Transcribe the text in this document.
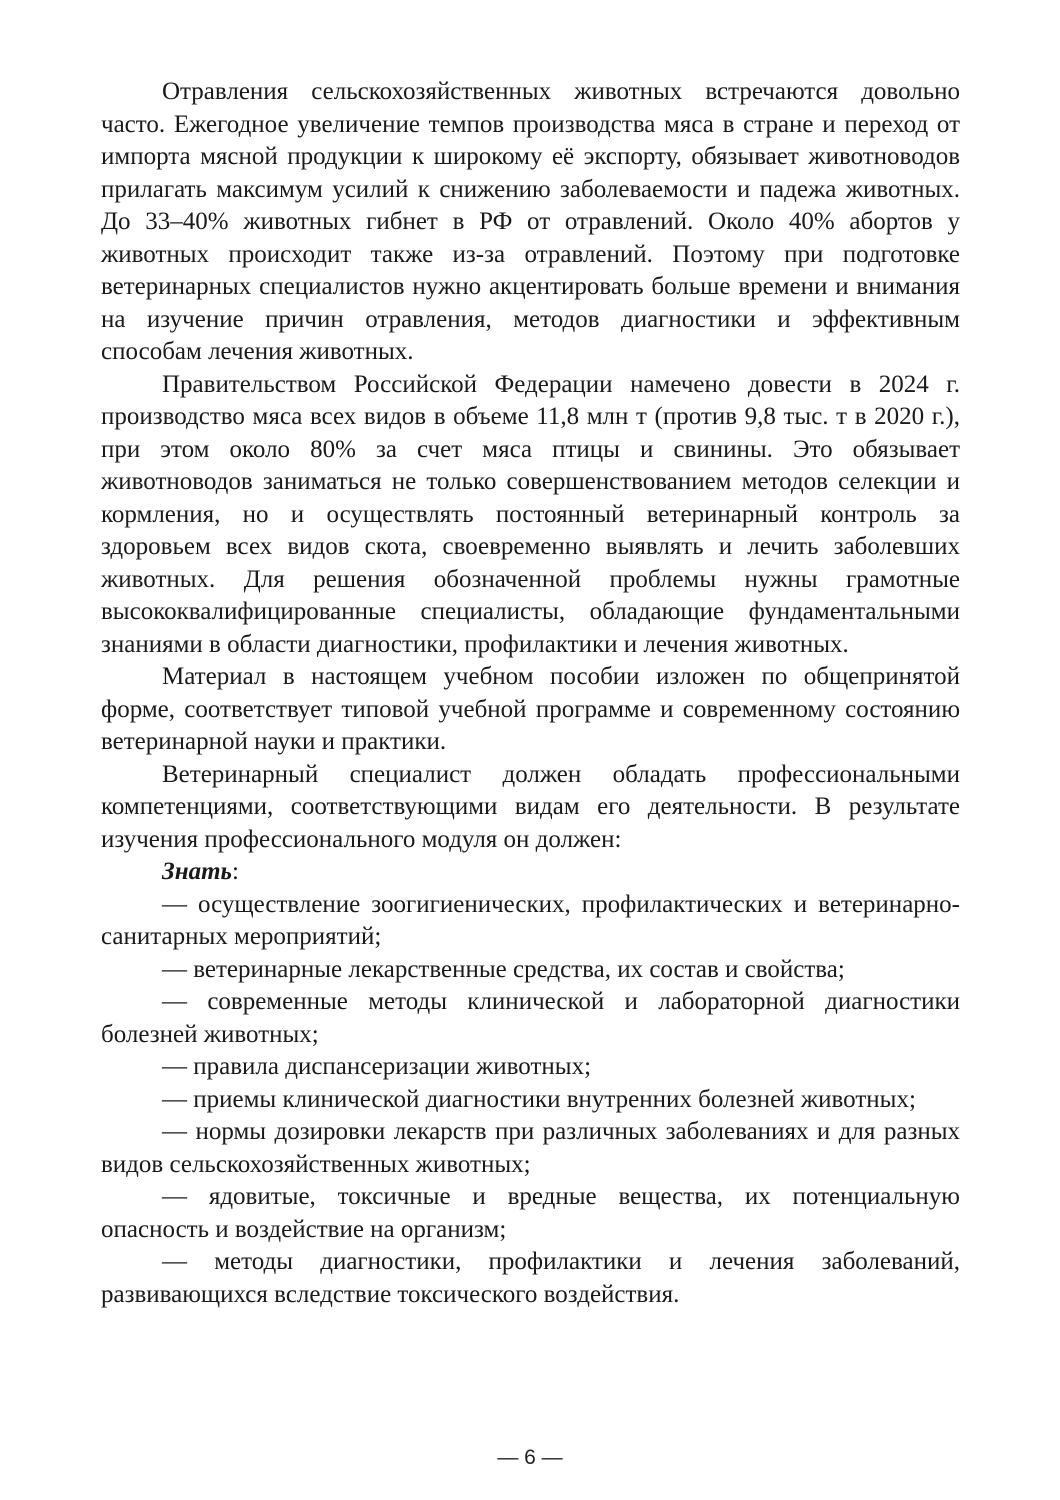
Отравления сельскохозяйственных животных встречаются довольно часто. Ежегодное увеличение темпов производства мяса в стране и переход от импорта мясной продукции к широкому её экспорту, обязывает животноводов прилагать максимум усилий к снижению заболеваемости и падежа животных. До 33–40% животных гибнет в РФ от отравлений. Около 40% абортов у животных происходит также из-за отравлений. Поэтому при подготовке ветеринарных специалистов нужно акцентировать больше времени и внимания на изучение причин отравления, методов диагностики и эффективным способам лечения животных.

Правительством Российской Федерации намечено довести в 2024 г. производство мяса всех видов в объеме 11,8 млн т (против 9,8 тыс. т в 2020 г.), при этом около 80% за счет мяса птицы и свинины. Это обязывает животноводов заниматься не только совершенствованием методов селекции и кормления, но и осуществлять постоянный ветеринарный контроль за здоровьем всех видов скота, своевременно выявлять и лечить заболевших животных. Для решения обозначенной проблемы нужны грамотные высококвалифицированные специалисты, обладающие фундаментальными знаниями в области диагностики, профилактики и лечения животных.

Материал в настоящем учебном пособии изложен по общепринятой форме, соответствует типовой учебной программе и современному состоянию ветеринарной науки и практики.

Ветеринарный специалист должен обладать профессиональными компетенциями, соответствующими видам его деятельности. В результате изучения профессионального модуля он должен:

Знать:

— осуществление зоогигиенических, профилактических и ветеринарно-санитарных мероприятий;

— ветеринарные лекарственные средства, их состав и свойства;

— современные методы клинической и лабораторной диагностики болезней животных;

— правила диспансеризации животных;

— приемы клинической диагностики внутренних болезней животных;

— нормы дозировки лекарств при различных заболеваниях и для разных видов сельскохозяйственных животных;

— ядовитые, токсичные и вредные вещества, их потенциальную опасность и воздействие на организм;

— методы диагностики, профилактики и лечения заболеваний, развивающихся вследствие токсического воздействия.

— 6 —
